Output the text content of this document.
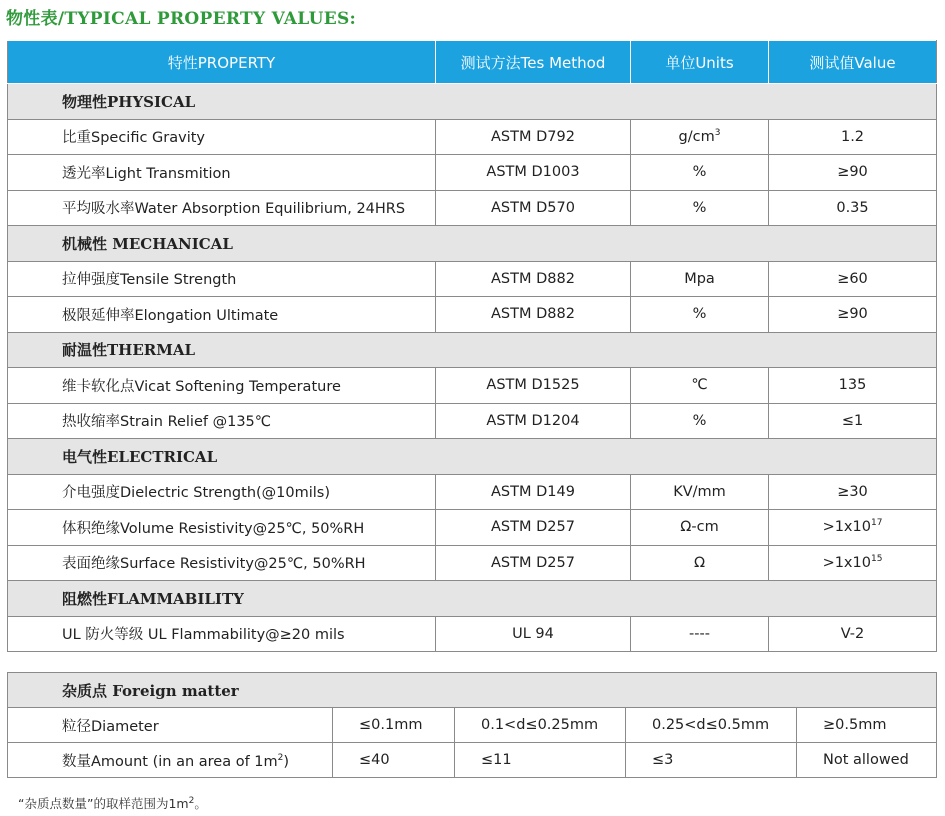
物性表/TYPICAL PROPERTY VALUES:
特性PROPERTY	测试方法Tes Method	单位Units	测试值Value
物理性PHYSICAL			
比重Specific Gravity	ASTM D792	$g/cm^3$	1.2
透光率Light Transmition	ASTM D1003	%	≥90
平均吸水率Water Absorption Equilibrium, 24HRS	ASTM D570	%	0.35
机械性 MECHANICAL			
拉伸强度Tensile Strength	ASTM D882	Mpa	≥60
极限延伸率Elongation Ultimate	ASTM D882	%	≥90
耐温性THERMAL			
维卡软化点Vicat Softening Temperature	ASTM D1525	℃	135
热收缩率Strain Relief @135℃	ASTM D1204	%	≤1
电气性ELECTRICAL			
介电强度Dielectric Strength(@10mils)	ASTM D149	KV/mm	≥30
体积绝缘Volume Resistivity@25℃, 50%RH	ASTM D257	Ω-cm	$>1x10^{17}$
表面绝缘Surface Resistivity@25℃, 50%RH	ASTM D257	Ω	$>1x10^{15}$
阻燃性FLAMMABILITY			
UL 防火等级 UL Flammability@≥20 mils	UL 94	----	V-2
杂质点 Foreign matter				
粒径Diameter	≤0.1mm	0.1<d≤0.25mm	0.25<d≤0.5mm	≥0.5mm
数量Amount (in an area of $1m^2$)	≤40	≤11	≤3	Not allowed
“杂质点数量”的取样范围为$1m^2$。
